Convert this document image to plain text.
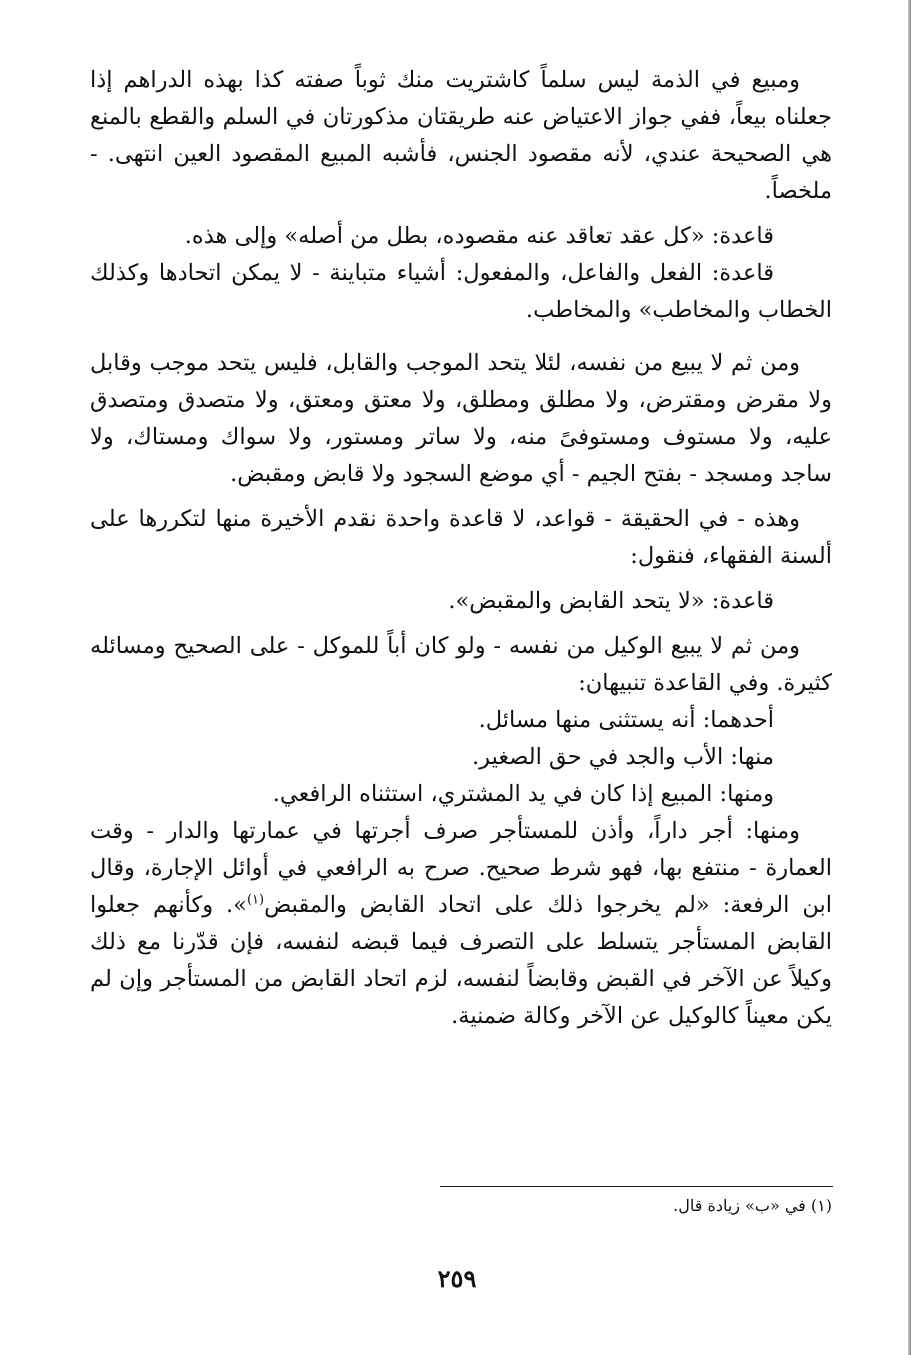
ومبيع في الذمة ليس سلماً كاشتريت منك ثوباً صفته كذا بهذه الدراهم إذا جعلناه بيعاً، ففي جواز الاعتياض عنه طريقتان مذكورتان في السلم والقطع بالمنع هي الصحيحة عندي، لأنه مقصود الجنس، فأشبه المبيع المقصود العين انتهى. - ملخصاً.

قاعدة: «كل عقد تعاقد عنه مقصوده، بطل من أصله» وإلى هذه.

قاعدة: الفعل والفاعل، والمفعول: أشياء متباينة - لا يمكن اتحادها وكذلك الخطاب والمخاطب» والمخاطب.

ومن ثم لا يبيع من نفسه، لئلا يتحد الموجب والقابل، فليس يتحد موجب وقابل ولا مقرض ومقترض، ولا مطلق ومطلق، ولا معتق ومعتق، ولا متصدق ومتصدق عليه، ولا مستوف ومستوفىً منه، ولا ساتر ومستور، ولا سواك ومستاك، ولا ساجد ومسجد - بفتح الجيم - أي موضع السجود ولا قابض ومقبض.

وهذه - في الحقيقة - قواعد، لا قاعدة واحدة نقدم الأخيرة منها لتكررها على ألسنة الفقهاء، فنقول:

قاعدة: «لا يتحد القابض والمقبض».

ومن ثم لا يبيع الوكيل من نفسه - ولو كان أباً للموكل - على الصحيح ومسائله كثيرة. وفي القاعدة تنبيهان:

أحدهما: أنه يستثنى منها مسائل.

منها: الأب والجد في حق الصغير.

ومنها: المبيع إذا كان في يد المشتري، استثناه الرافعي.

ومنها: أجر داراً، وأذن للمستأجر صرف أجرتها في عمارتها والدار - وقت العمارة - منتفع بها، فهو شرط صحيح. صرح به الرافعي في أوائل الإجارة، وقال ابن الرفعة: «لم يخرجوا ذلك على اتحاد القابض والمقبض$^{(١)}$». وكأنهم جعلوا القابض المستأجر يتسلط على التصرف فيما قبضه لنفسه، فإن قدّرنا مع ذلك وكيلاً عن الآخر في القبض وقابضاً لنفسه، لزم اتحاد القابض من المستأجر وإن لم يكن معيناً كالوكيل عن الآخر وكالة ضمنية.

(١) في «ب» زيادة قال.
٢٥٩
